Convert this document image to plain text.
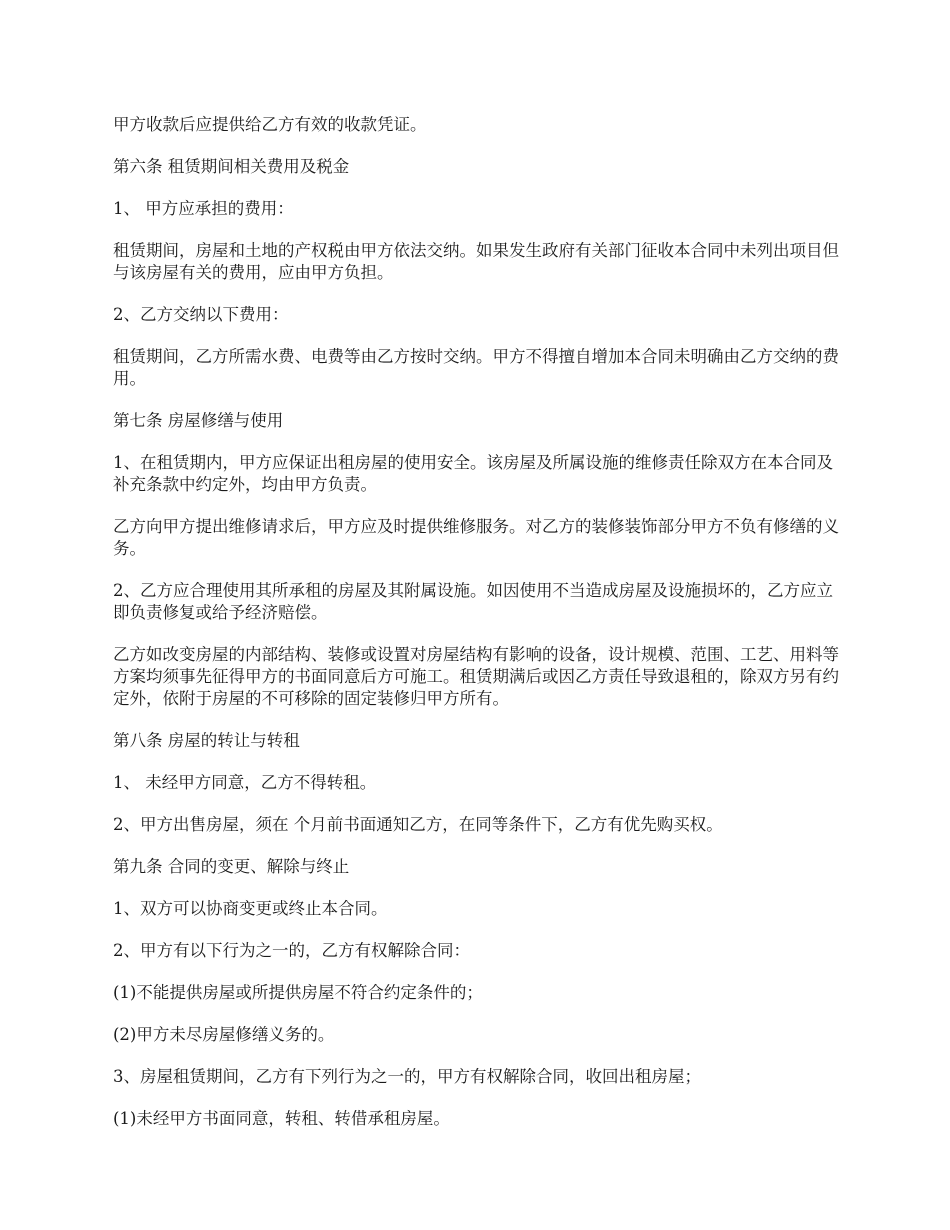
甲方收款后应提供给乙方有效的收款凭证。

第六条 租赁期间相关费用及税金

1、 甲方应承担的费用：

租赁期间，房屋和土地的产权税由甲方依法交纳。如果发生政府有关部门征收本合同中未列出项目但与该房屋有关的费用，应由甲方负担。

2、乙方交纳以下费用：

租赁期间，乙方所需水费、电费等由乙方按时交纳。甲方不得擅自增加本合同未明确由乙方交纳的费用。

第七条 房屋修缮与使用

1、在租赁期内，甲方应保证出租房屋的使用安全。该房屋及所属设施的维修责任除双方在本合同及补充条款中约定外，均由甲方负责。

乙方向甲方提出维修请求后，甲方应及时提供维修服务。对乙方的装修装饰部分甲方不负有修缮的义务。

2、乙方应合理使用其所承租的房屋及其附属设施。如因使用不当造成房屋及设施损坏的，乙方应立即负责修复或给予经济赔偿。

乙方如改变房屋的内部结构、装修或设置对房屋结构有影响的设备，设计规模、范围、工艺、用料等方案均须事先征得甲方的书面同意后方可施工。租赁期满后或因乙方责任导致退租的，除双方另有约定外，依附于房屋的不可移除的固定装修归甲方所有。

第八条 房屋的转让与转租

1、 未经甲方同意，乙方不得转租。

2、甲方出售房屋，须在 个月前书面通知乙方，在同等条件下，乙方有优先购买权。

第九条 合同的变更、解除与终止

1、双方可以协商变更或终止本合同。

2、甲方有以下行为之一的，乙方有权解除合同：

(1)不能提供房屋或所提供房屋不符合约定条件的；

(2)甲方未尽房屋修缮义务的。

3、房屋租赁期间，乙方有下列行为之一的，甲方有权解除合同，收回出租房屋；

(1)未经甲方书面同意，转租、转借承租房屋。
